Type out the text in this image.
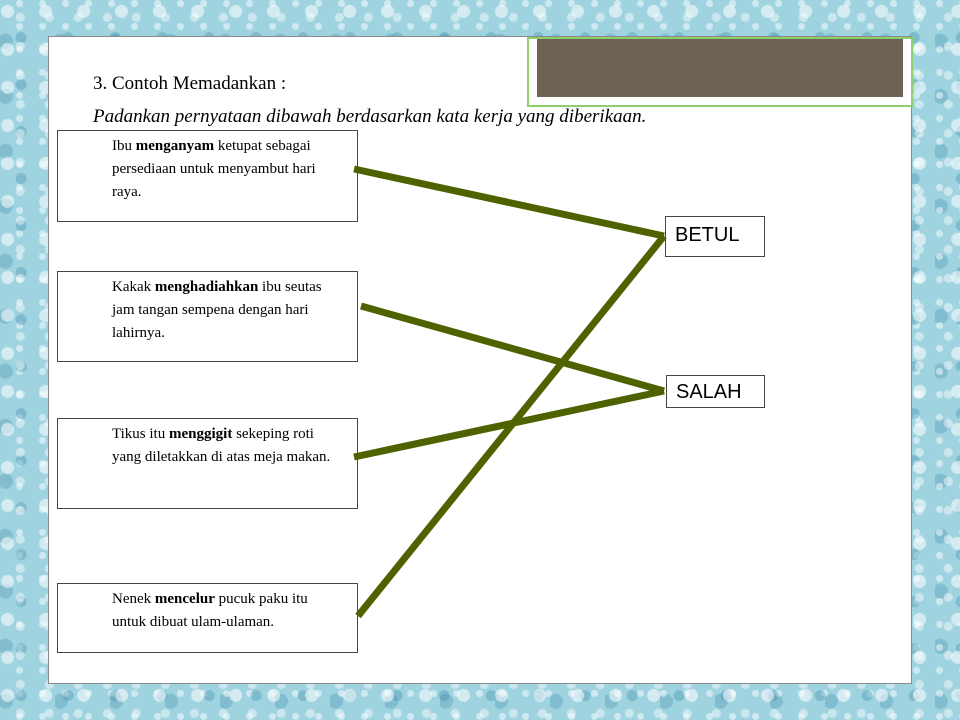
3. Contoh Memadankan :
Padankan pernyataan dibawah berdasarkan kata kerja yang diberikaan.
Ibu menganyam ketupat sebagai persediaan untuk menyambut hari raya.
Kakak menghadiahkan ibu seutas jam tangan sempena dengan hari lahirnya.
Tikus itu menggigit sekeping roti yang diletakkan di atas meja makan.
Nenek mencelur pucuk paku itu untuk dibuat ulam-ulaman.
BETUL
SALAH
